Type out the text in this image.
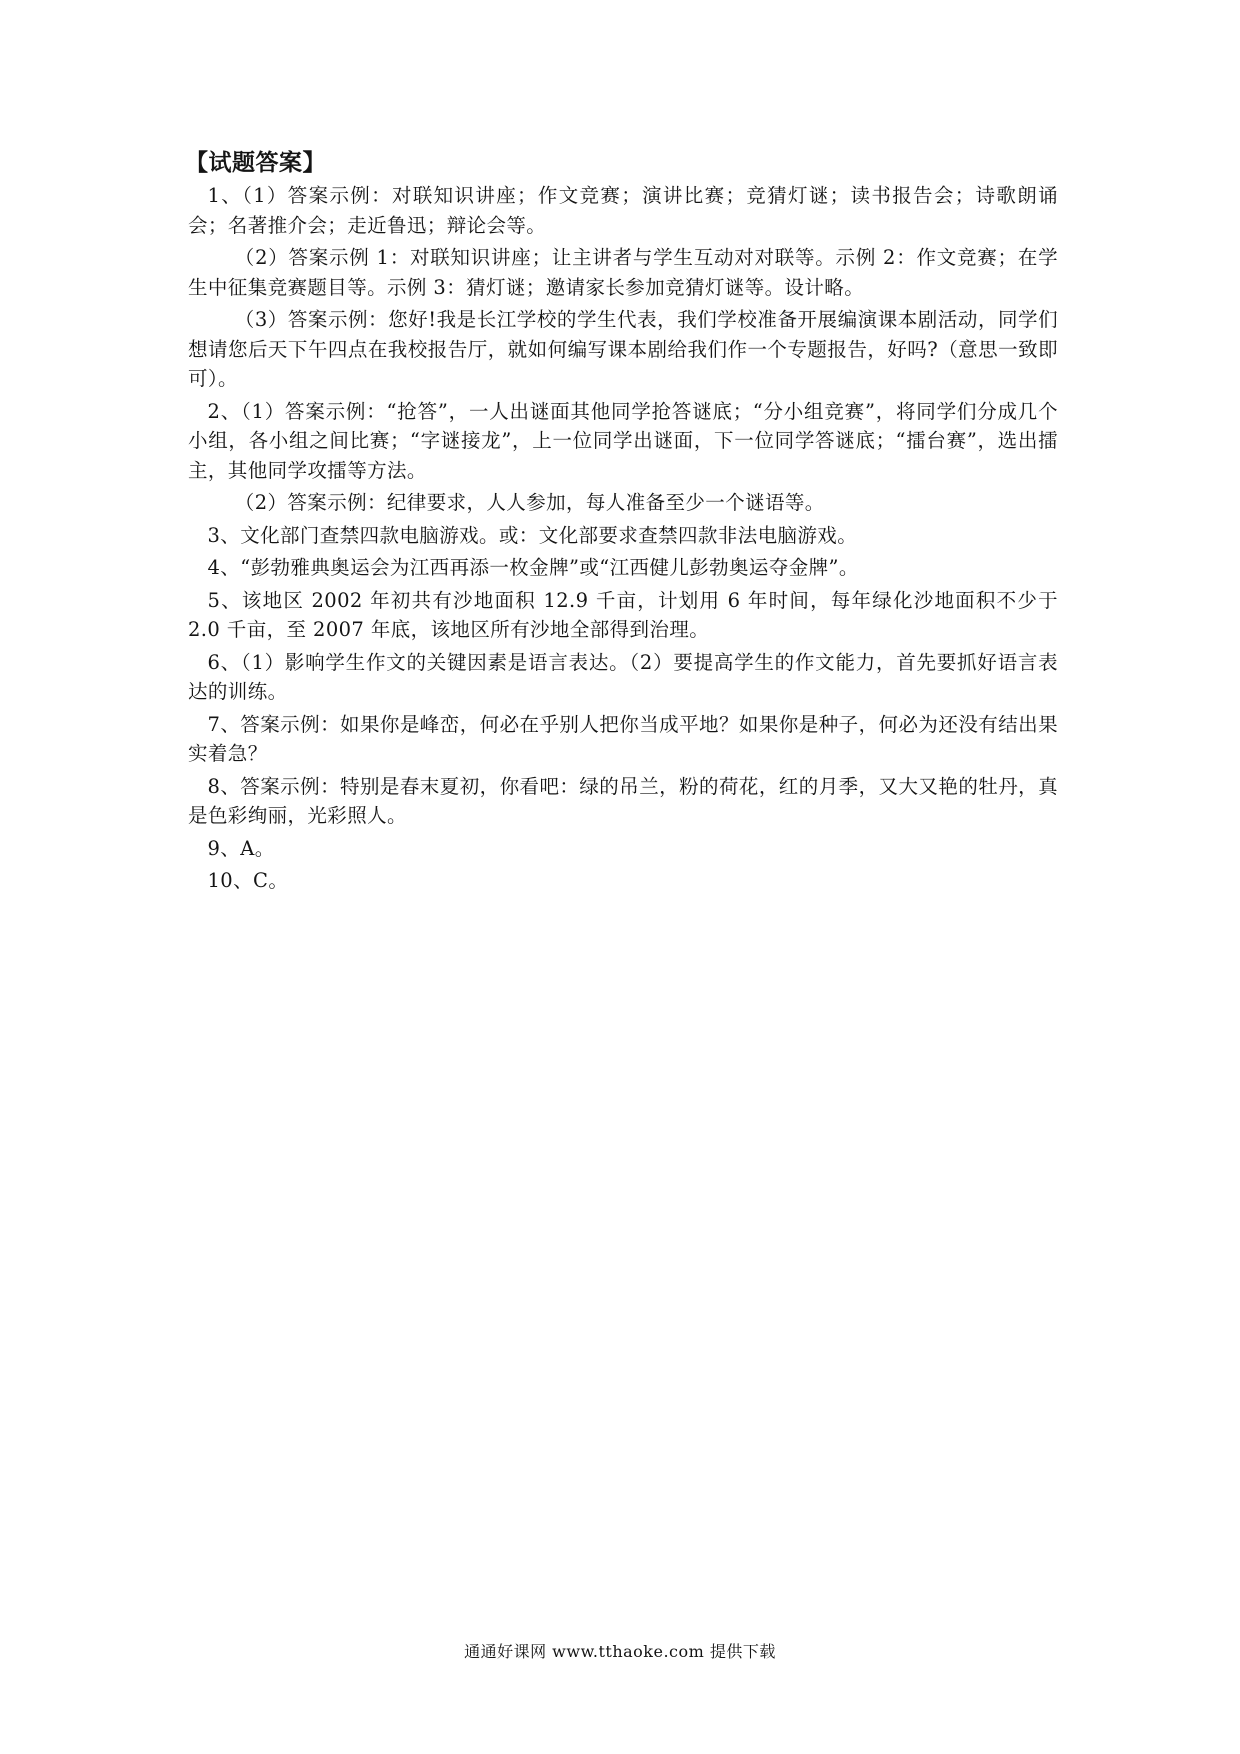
【试题答案】

1、（1）答案示例：对联知识讲座；作文竞赛；演讲比赛；竞猜灯谜；读书报告会；诗歌朗诵会；名著推介会；走近鲁迅；辩论会等。

（2）答案示例 1：对联知识讲座；让主讲者与学生互动对对联等。示例 2：作文竞赛；在学生中征集竞赛题目等。示例 3：猜灯谜；邀请家长参加竞猜灯谜等。设计略。

（3）答案示例：您好!我是长江学校的学生代表，我们学校准备开展编演课本剧活动，同学们想请您后天下午四点在我校报告厅，就如何编写课本剧给我们作一个专题报告，好吗?（意思一致即可）。

2、（1）答案示例：“抢答”，一人出谜面其他同学抢答谜底；“分小组竞赛”，将同学们分成几个小组，各小组之间比赛；“字谜接龙”，上一位同学出谜面，下一位同学答谜底；“擂台赛”，选出擂主，其他同学攻擂等方法。

（2）答案示例：纪律要求，人人参加，每人准备至少一个谜语等。

3、文化部门查禁四款电脑游戏。或：文化部要求查禁四款非法电脑游戏。

4、“彭勃雅典奥运会为江西再添一枚金牌”或“江西健儿彭勃奥运夺金牌”。

5、该地区 2002 年初共有沙地面积 12.9 千亩，计划用 6 年时间，每年绿化沙地面积不少于 2.0 千亩，至 2007 年底，该地区所有沙地全部得到治理。

6、（1）影响学生作文的关键因素是语言表达。（2）要提高学生的作文能力，首先要抓好语言表达的训练。

7、答案示例：如果你是峰峦，何必在乎别人把你当成平地？如果你是种子，何必为还没有结出果实着急？

8、答案示例：特别是春末夏初，你看吧：绿的吊兰，粉的荷花，红的月季，又大又艳的牡丹，真是色彩绚丽，光彩照人。

9、A。

10、C。

通通好课网 www.tthaoke.com 提供下载
